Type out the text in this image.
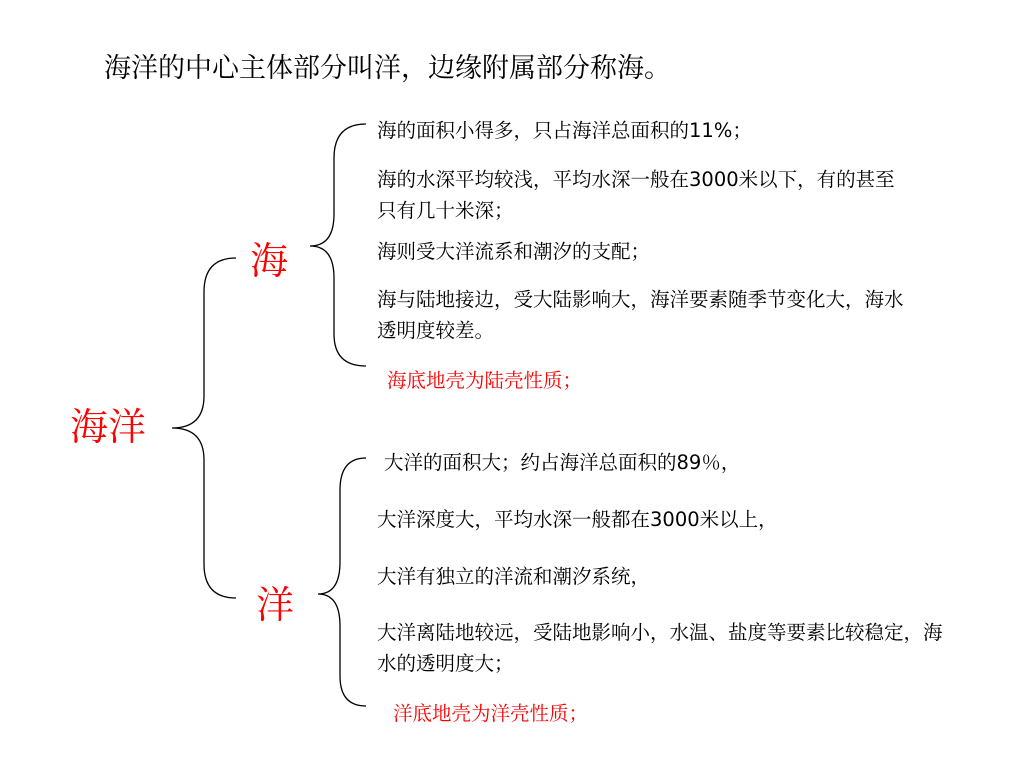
海洋的中心主体部分叫洋，边缘附属部分称海。
海洋
海
洋
海的面积小得多，只占海洋总面积的11%；
海的水深平均较浅，平均水深一般在3000米以下，有的甚至只有几十米深；
海则受大洋流系和潮汐的支配；
海与陆地接边，受大陆影响大，海洋要素随季节变化大，海水透明度较差。
海底地壳为陆壳性质；
大洋的面积大；约占海洋总面积的89％，
大洋深度大，平均水深一般都在3000米以上，
大洋有独立的洋流和潮汐系统，
大洋离陆地较远，受陆地影响小，水温、盐度等要素比较稳定，海水的透明度大；
洋底地壳为洋壳性质；
